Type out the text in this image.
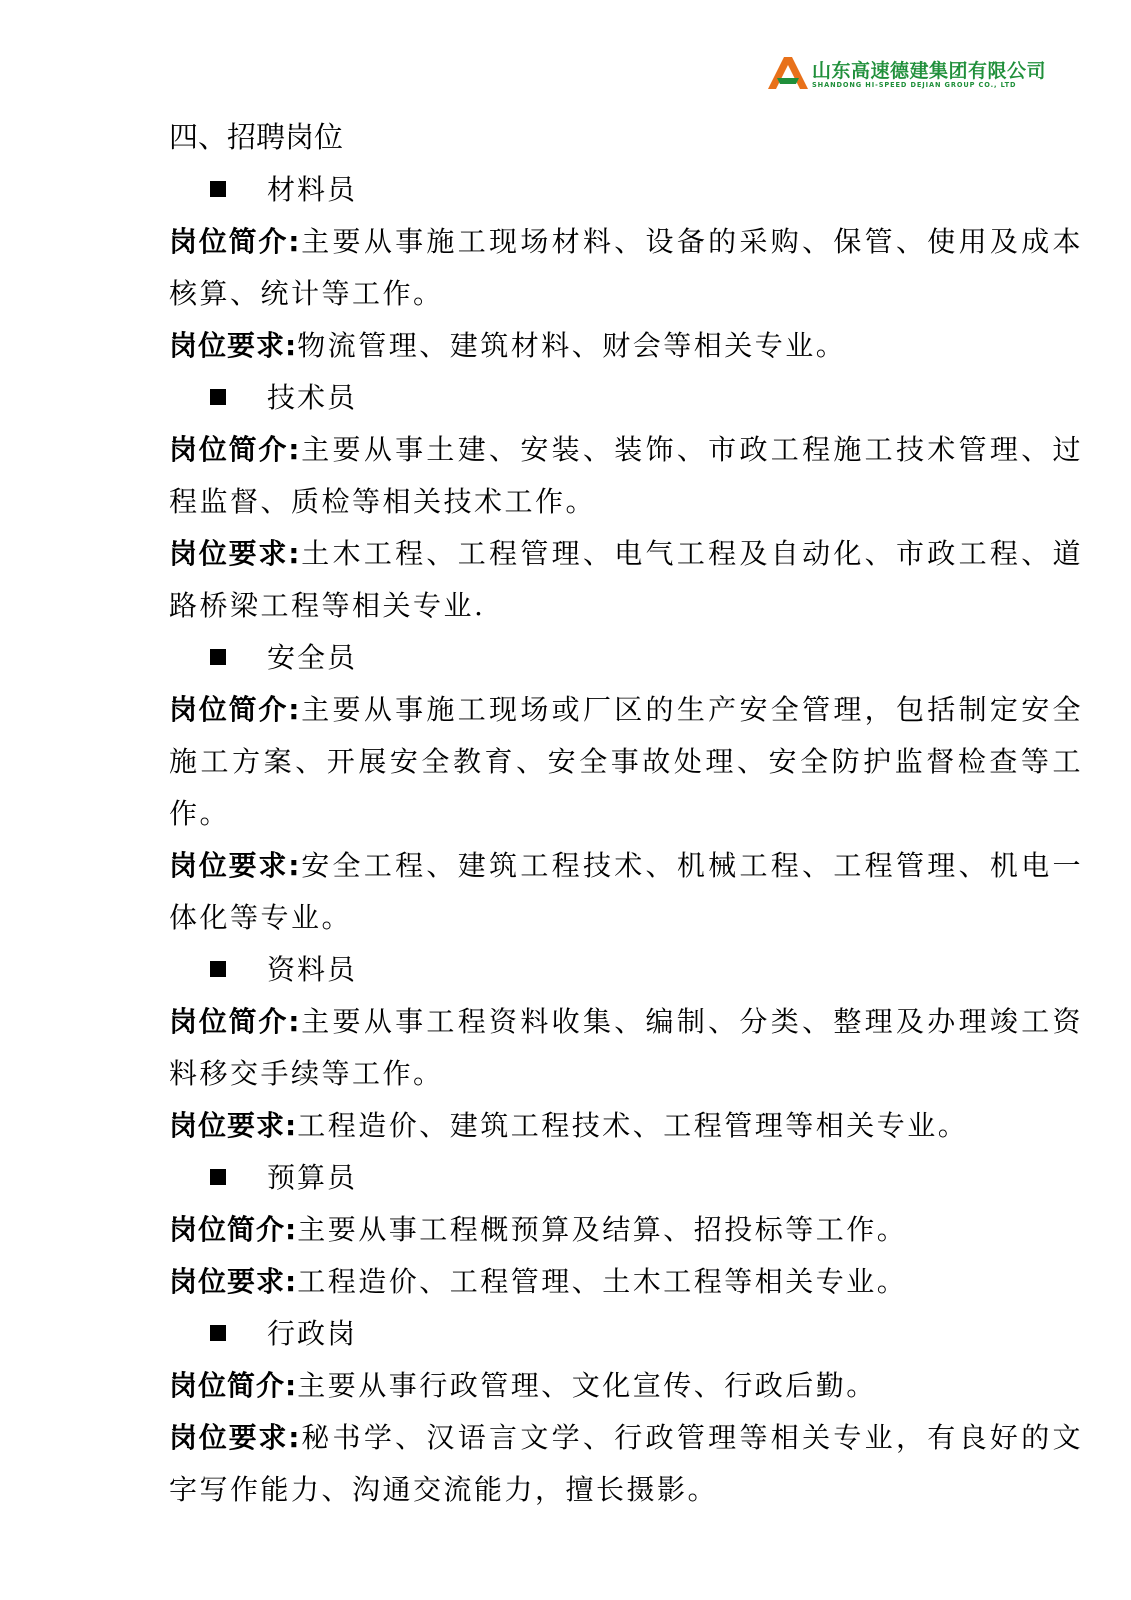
山东高速德建集团有限公司
SHANDONG HI-SPEED DEJIAN GROUP CO., LTD
四、招聘岗位
材料员

岗位简介:主要从事施工现场材料、设备的采购、保管、使用及成本核算、统计等工作。

岗位要求:物流管理、建筑材料、财会等相关专业。

技术员

岗位简介:主要从事土建、安装、装饰、市政工程施工技术管理、过程监督、质检等相关技术工作。

岗位要求:土木工程、工程管理、电气工程及自动化、市政工程、道路桥梁工程等相关专业.

安全员

岗位简介:主要从事施工现场或厂区的生产安全管理，包括制定安全施工方案、开展安全教育、安全事故处理、安全防护监督检查等工作。

岗位要求:安全工程、建筑工程技术、机械工程、工程管理、机电一体化等专业。

资料员

岗位简介:主要从事工程资料收集、编制、分类、整理及办理竣工资料移交手续等工作。

岗位要求:工程造价、建筑工程技术、工程管理等相关专业。

预算员

岗位简介:主要从事工程概预算及结算、招投标等工作。

岗位要求:工程造价、工程管理、土木工程等相关专业。

行政岗

岗位简介:主要从事行政管理、文化宣传、行政后勤。

岗位要求:秘书学、汉语言文学、行政管理等相关专业，有良好的文字写作能力、沟通交流能力，擅长摄影。
